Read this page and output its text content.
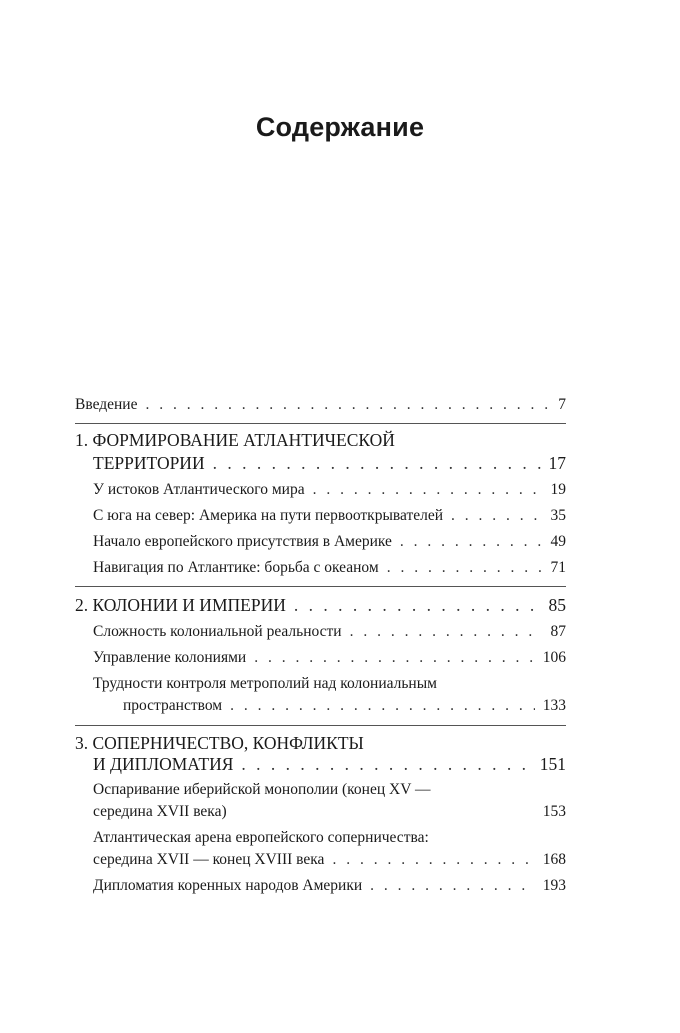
Содержание
Введение . . .	7
1. ФОРМИРОВАНИЕ АТЛАНТИЧЕСКОЙ
ТЕРРИТОРИИ . . .	17
У истоков Атлантического мира . . .	19
С юга на север: Америка на пути первооткрывателей . . .	35
Начало европейского присутствия в Америке . . .	49
Навигация по Атлантике: борьба с океаном . . .	71
2. КОЛОНИИ И ИМПЕРИИ . . .	85
Сложность колониальной реальности . . .	87
Управление колониями . . .	106
Трудности контроля метрополий над колониальным
пространством . . .	133
3. СОПЕРНИЧЕСТВО, КОНФЛИКТЫ
И ДИПЛОМАТИЯ . . .	151
Оспаривание иберийской монополии (конец XV —
середина XVII века)	153
Атлантическая арена европейского соперничества:
середина XVII — конец XVIII века . . .	168
Дипломатия коренных народов Америки . . .	193
